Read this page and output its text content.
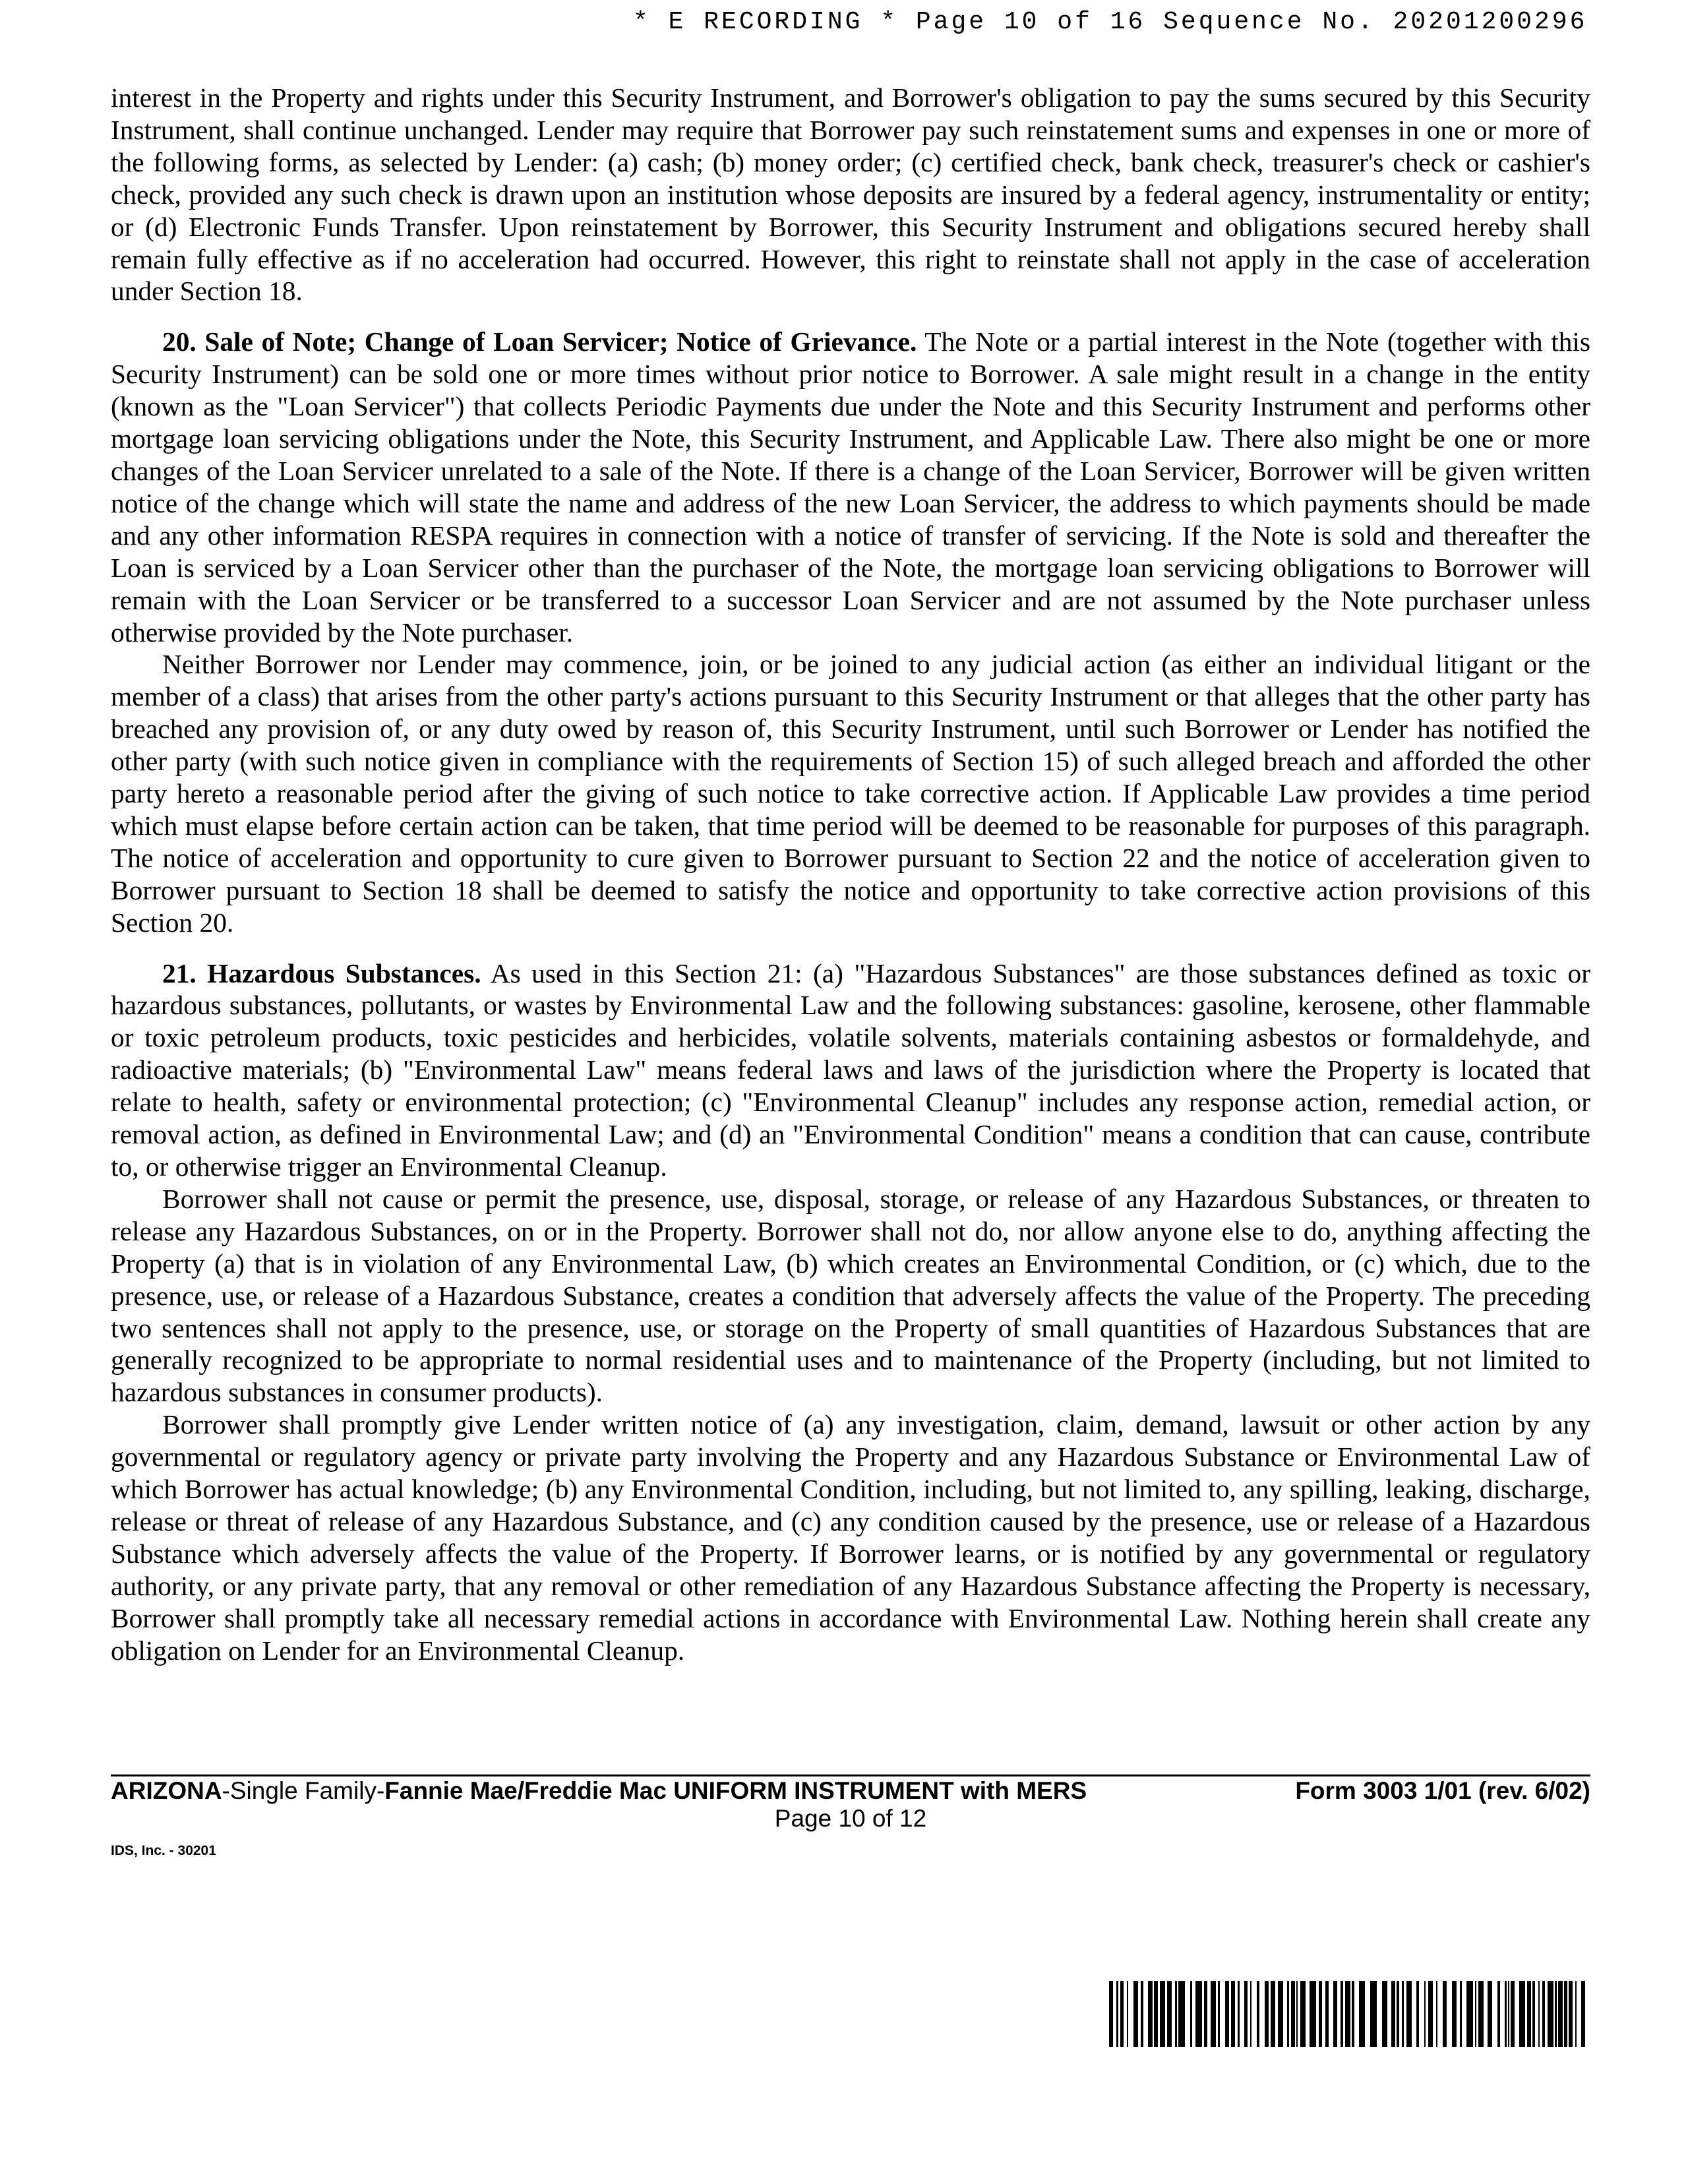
* E RECORDING * Page 10 of 16 Sequence No. 20201200296

interest in the Property and rights under this Security Instrument, and Borrower's obligation to pay the sums secured by this Security Instrument, shall continue unchanged. Lender may require that Borrower pay such reinstatement sums and expenses in one or more of the following forms, as selected by Lender: (a) cash; (b) money order; (c) certified check, bank check, treasurer's check or cashier's check, provided any such check is drawn upon an institution whose deposits are insured by a federal agency, instrumentality or entity; or (d) Electronic Funds Transfer. Upon reinstatement by Borrower, this Security Instrument and obligations secured hereby shall remain fully effective as if no acceleration had occurred. However, this right to reinstate shall not apply in the case of acceleration under Section 18.

20. Sale of Note; Change of Loan Servicer; Notice of Grievance. The Note or a partial interest in the Note (together with this Security Instrument) can be sold one or more times without prior notice to Borrower. A sale might result in a change in the entity (known as the "Loan Servicer") that collects Periodic Payments due under the Note and this Security Instrument and performs other mortgage loan servicing obligations under the Note, this Security Instrument, and Applicable Law. There also might be one or more changes of the Loan Servicer unrelated to a sale of the Note. If there is a change of the Loan Servicer, Borrower will be given written notice of the change which will state the name and address of the new Loan Servicer, the address to which payments should be made and any other information RESPA requires in connection with a notice of transfer of servicing. If the Note is sold and thereafter the Loan is serviced by a Loan Servicer other than the purchaser of the Note, the mortgage loan servicing obligations to Borrower will remain with the Loan Servicer or be transferred to a successor Loan Servicer and are not assumed by the Note purchaser unless otherwise provided by the Note purchaser.

Neither Borrower nor Lender may commence, join, or be joined to any judicial action (as either an individual litigant or the member of a class) that arises from the other party's actions pursuant to this Security Instrument or that alleges that the other party has breached any provision of, or any duty owed by reason of, this Security Instrument, until such Borrower or Lender has notified the other party (with such notice given in compliance with the requirements of Section 15) of such alleged breach and afforded the other party hereto a reasonable period after the giving of such notice to take corrective action. If Applicable Law provides a time period which must elapse before certain action can be taken, that time period will be deemed to be reasonable for purposes of this paragraph. The notice of acceleration and opportunity to cure given to Borrower pursuant to Section 22 and the notice of acceleration given to Borrower pursuant to Section 18 shall be deemed to satisfy the notice and opportunity to take corrective action provisions of this Section 20.

21. Hazardous Substances. As used in this Section 21: (a) "Hazardous Substances" are those substances defined as toxic or hazardous substances, pollutants, or wastes by Environmental Law and the following substances: gasoline, kerosene, other flammable or toxic petroleum products, toxic pesticides and herbicides, volatile solvents, materials containing asbestos or formaldehyde, and radioactive materials; (b) "Environmental Law" means federal laws and laws of the jurisdiction where the Property is located that relate to health, safety or environmental protection; (c) "Environmental Cleanup" includes any response action, remedial action, or removal action, as defined in Environmental Law; and (d) an "Environmental Condition" means a condition that can cause, contribute to, or otherwise trigger an Environmental Cleanup.

Borrower shall not cause or permit the presence, use, disposal, storage, or release of any Hazardous Substances, or threaten to release any Hazardous Substances, on or in the Property. Borrower shall not do, nor allow anyone else to do, anything affecting the Property (a) that is in violation of any Environmental Law, (b) which creates an Environmental Condition, or (c) which, due to the presence, use, or release of a Hazardous Substance, creates a condition that adversely affects the value of the Property. The preceding two sentences shall not apply to the presence, use, or storage on the Property of small quantities of Hazardous Substances that are generally recognized to be appropriate to normal residential uses and to maintenance of the Property (including, but not limited to hazardous substances in consumer products).

Borrower shall promptly give Lender written notice of (a) any investigation, claim, demand, lawsuit or other action by any governmental or regulatory agency or private party involving the Property and any Hazardous Substance or Environmental Law of which Borrower has actual knowledge; (b) any Environmental Condition, including, but not limited to, any spilling, leaking, discharge, release or threat of release of any Hazardous Substance, and (c) any condition caused by the presence, use or release of a Hazardous Substance which adversely affects the value of the Property. If Borrower learns, or is notified by any governmental or regulatory authority, or any private party, that any removal or other remediation of any Hazardous Substance affecting the Property is necessary, Borrower shall promptly take all necessary remedial actions in accordance with Environmental Law. Nothing herein shall create any obligation on Lender for an Environmental Cleanup.

ARIZONA-Single Family-Fannie Mae/Freddie Mac UNIFORM INSTRUMENT with MERS	Form 3003 1/01 (rev. 6/02)
Page 10 of 12
IDS, Inc. - 30201
